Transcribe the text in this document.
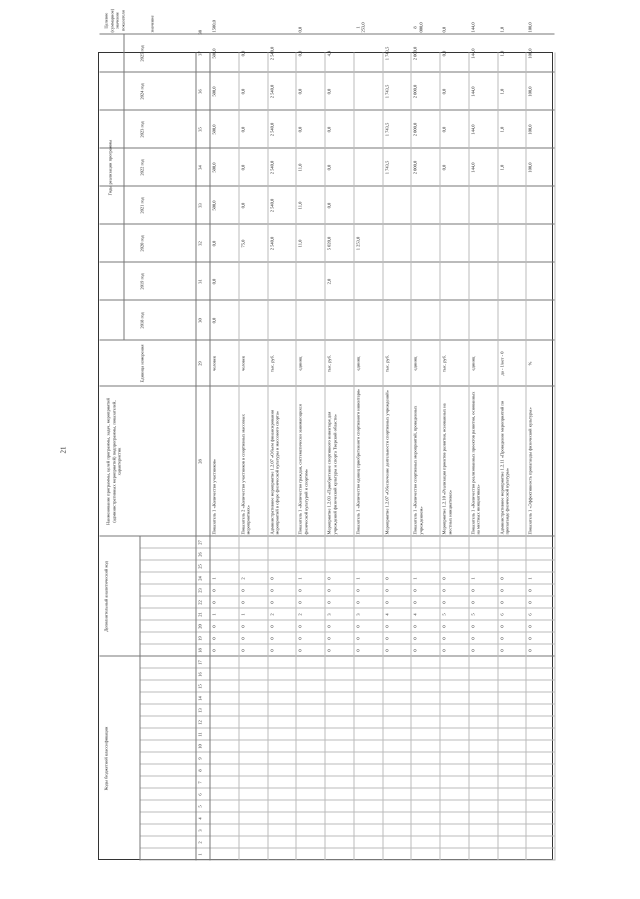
21
Коды бюджетной классификации
Дополнительный аналитический код
Наименование программы, целей программы, задач, мероприятий (административных мероприятий) подпрограммы, показателей, характеристик
Единица измерения
2018 год
Годы реализации программы
2019 год
2020 год
2021 год
2022 год
2023 год
2024 год
2025 год
Целевое (суммарное) значение показателя	значение
1
2
3
4
5
6
7
8
9
10
11
12
13
14
15
16
17
18
19
20
21
22
23
24
25
26
27
28
29
30
31
32
33
34
35
36
37
38
0
0
0
1
0
0
1
Показатель 1 «Количество участников»
человек
0,0
0,0
0,0
500,0
500,0
500,0
500,0
500,0
1500,0
0
0
0
1
0
0
2
Показатель 2 «Количество участников в спортивных массовых мероприятиях»
человек
75,0
0,0
0,0
0,0
0,0
0,0
0
0
0
2
0
0
0
Административное мероприятие 1.2.07 «Объем финансирования мероприятий в сфере физической культуры и массового спорта»
тыс. руб.
2 540,0
2 540,0
2 540,0
2 540,0
2 540,0
2 540,0
0
0
0
2
0
0
1
Показатель 1 «Количество граждан, систематически занимающихся физической культурой и спортом»
единиц
11,0
11,0
11,0
0,0
0,0
0,0
0,0
0
0
0
3
0
0
0
Мероприятие 1.2.03 «Приобретение спортивного инвентаря для учреждений физической культуры и спорта Тверской области»
тыс. руб.
2,0
5 020,0
0,0
0,0
0,0
0,0
4,4
0
0
0
3
0
0
1
Показатель 1 «Количество единиц приобретенного спортивного инвентаря»
единиц
1 253,0
1 253,0
0
0
0
4
0
0
0
Мероприятие 1.2.07 «Обеспечение деятельности спортивных учреждений»
тыс. руб.
1 743,5
1 743,5
1 743,5
1 743,5
0
0
0
4
0
0
1
Показатель 1 «Количество спортивных мероприятий, проведенных учреждением»
единиц
2 000,0
2 000,0
2 000,0
2 000,0
8 000,0
0
0
0
5
0
0
0
Мероприятие 1.2.10 «Реализация проектов развития, основанных на местных инициативах»
тыс. руб.
0,0
0,0
0,0
0,0
0,0
0
0
0
5
0
0
1
Показатель 1 «Количество реализованных проектов развития, основанных на местных инициативах»
единиц
144,0
144,0
144,0
144,0
144,0
0
0
0
6
0
0
0
Административное мероприятие 1.2.11 «Проведение мероприятий по пропаганде физической культуры»
да - 1/нет - 0
1,0
1,0
1,0
1,0
1,0
0
0
0
6
0
0
1
Показатель 1 «Эффективность пропаганды физической культуры»
%
100,0
100,0
100,0
100,0
100,0
